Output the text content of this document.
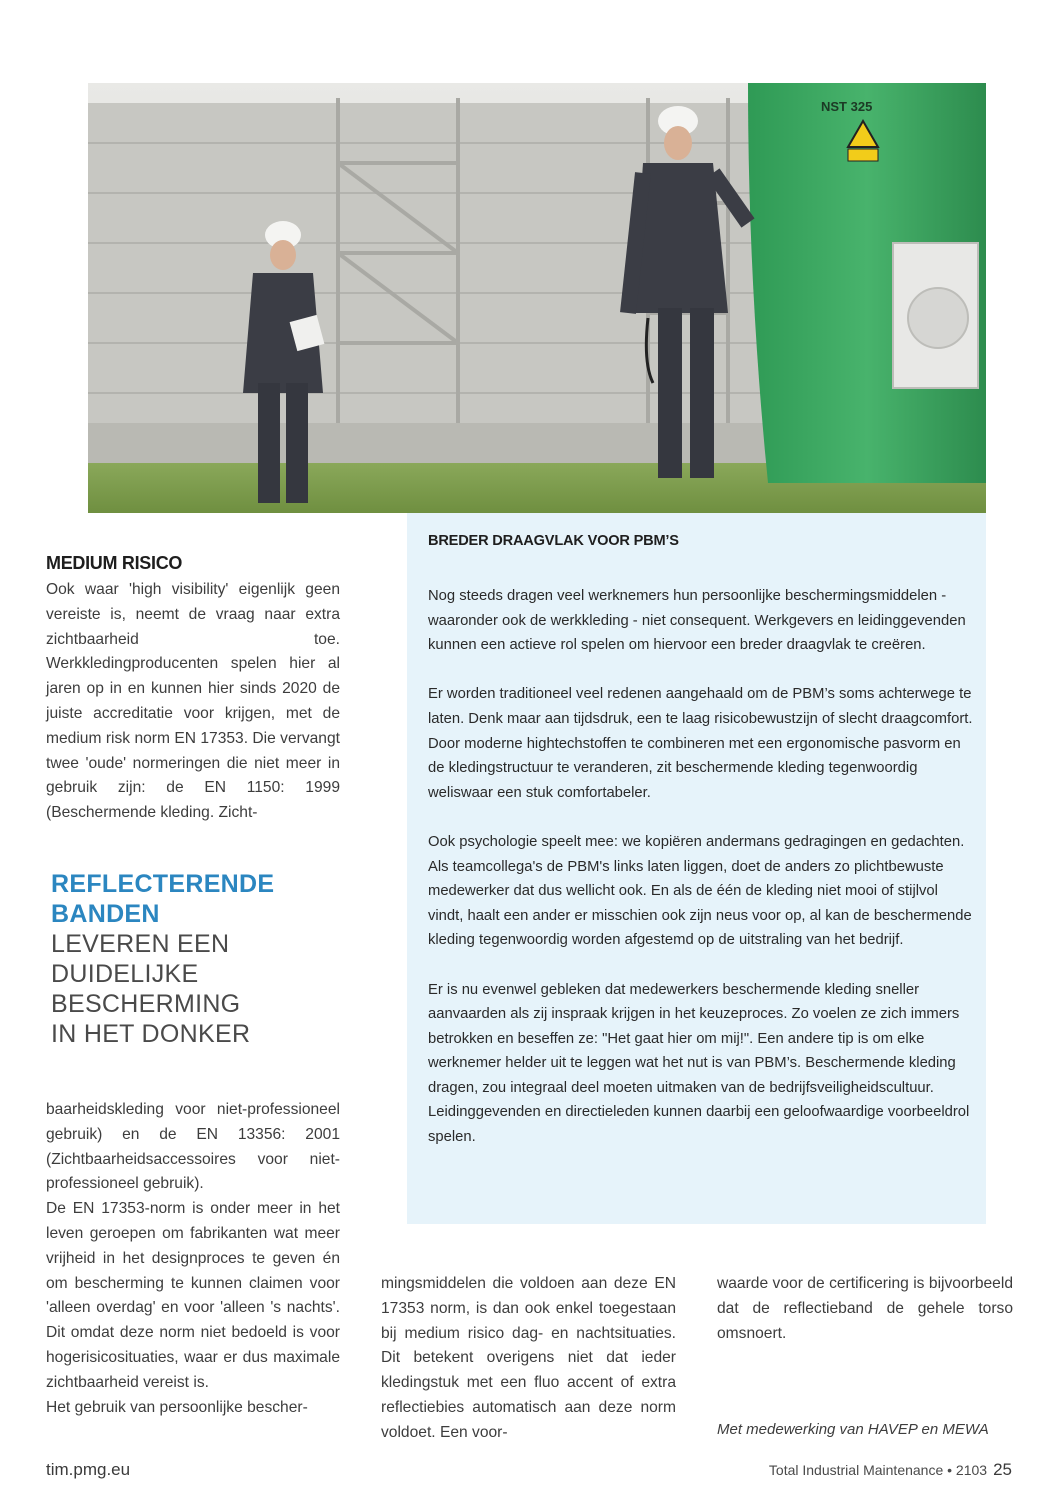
NST 325
MEDIUM RISICO

Ook waar 'high visibility' eigenlijk geen vereiste is, neemt de vraag naar extra zichtbaarheid toe. Werkkledingproducenten spelen hier al jaren op in en kunnen hier sinds 2020 de juiste accreditatie voor krijgen, met de medium risk norm EN 17353. Die vervangt twee 'oude' normeringen die niet meer in gebruik zijn: de EN 1150: 1999 (Beschermende kleding. Zicht-

REFLECTERENDE
BANDEN
LEVEREN EEN
DUIDELIJKE
BESCHERMING
IN HET DONKER

baarheidskleding voor niet-professioneel gebruik) en de EN 13356: 2001 (Zichtbaarheidsaccessoires voor niet-professioneel gebruik).

De EN 17353-norm is onder meer in het leven geroepen om fabrikanten wat meer vrijheid in het designproces te geven én om bescherming te kunnen claimen voor 'alleen overdag' en voor 'alleen 's nachts'. Dit omdat deze norm niet bedoeld is voor hogerisicosituaties, waar er dus maximale zichtbaarheid vereist is.

Het gebruik van persoonlijke bescher-

BREDER DRAAGVLAK VOOR PBM’S

Nog steeds dragen veel werknemers hun persoonlijke beschermingsmiddelen - waaronder ook de werkkleding - niet consequent. Werkgevers en leidinggevenden kunnen een actieve rol spelen om hiervoor een breder draagvlak te creëren.

Er worden traditioneel veel redenen aangehaald om de PBM’s soms achterwege te laten. Denk maar aan tijdsdruk, een te laag risicobewustzijn of slecht draagcomfort. Door moderne hightechstoffen te combineren met een ergonomische pasvorm en de kledingstructuur te veranderen, zit beschermende kleding tegenwoordig weliswaar een stuk comfortabeler.

Ook psychologie speelt mee: we kopiëren andermans gedragingen en gedachten. Als teamcollega's de PBM's links laten liggen, doet de anders zo plichtbewuste medewerker dat dus wellicht ook. En als de één de kleding niet mooi of stijlvol vindt, haalt een ander er misschien ook zijn neus voor op, al kan de beschermende kleding tegenwoordig worden afgestemd op de uitstraling van het bedrijf.

Er is nu evenwel gebleken dat medewerkers beschermende kleding sneller aanvaarden als zij inspraak krijgen in het keuzeproces. Zo voelen ze zich immers betrokken en beseffen ze: "Het gaat hier om mij!". Een andere tip is om elke werknemer helder uit te leggen wat het nut is van PBM’s. Beschermende kleding dragen, zou integraal deel moeten uitmaken van de bedrijfsveiligheidscultuur. Leidinggevenden en directieleden kunnen daarbij een geloofwaardige voorbeeldrol spelen.

mingsmiddelen die voldoen aan deze EN 17353 norm, is dan ook enkel toegestaan bij medium risico dag- en nachtsituaties. Dit betekent overigens niet dat ieder kledingstuk met een fluo accent of extra reflectiebies automatisch aan deze norm voldoet. Een voor-

waarde voor de certificering is bijvoorbeeld dat de reflectieband de gehele torso omsnoert.

Met medewerking van HAVEP en MEWA
tim.pmg.eu	Total Industrial Maintenance • 2103 25
